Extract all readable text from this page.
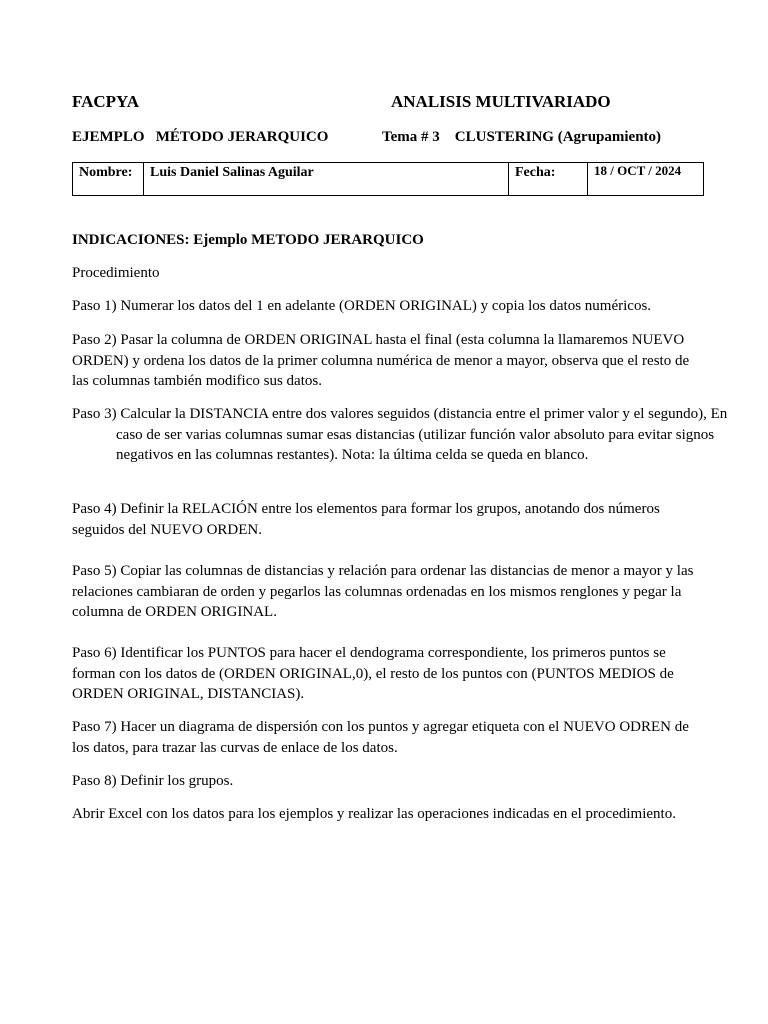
FACPYA	ANALISIS MULTIVARIADO
EJEMPLO   MÉTODO JERARQUICO	Tema # 3    CLUSTERING (Agrupamiento)
Nombre: Luis Daniel Salinas Aguilar	Fecha:	18 / OCT / 2024
INDICACIONES: Ejemplo METODO JERARQUICO
Procedimiento
Paso 1) Numerar los datos del 1 en adelante (ORDEN ORIGINAL) y copia los datos numéricos.
Paso 2) Pasar la columna de ORDEN ORIGINAL hasta el final (esta columna la llamaremos NUEVO ORDEN) y ordena los datos de la primer columna numérica de menor a mayor, observa que el resto de las columnas también modifico sus datos.
Paso 3) Calcular la DISTANCIA entre dos valores seguidos (distancia entre el primer valor y el segundo), En caso de ser varias columnas sumar esas distancias (utilizar función valor absoluto para evitar signos negativos en las columnas restantes). Nota: la última celda se queda en blanco.
Paso 4) Definir la RELACIÓN entre los elementos para formar los grupos, anotando dos números seguidos del NUEVO ORDEN.
Paso 5) Copiar las columnas de distancias y relación para ordenar las distancias de menor a mayor y las relaciones cambiaran de orden y pegarlos las columnas ordenadas en los mismos renglones y pegar la columna de ORDEN ORIGINAL.
Paso 6) Identificar los PUNTOS para hacer el dendograma correspondiente, los primeros puntos se forman con los datos de (ORDEN ORIGINAL,0), el resto de los puntos con (PUNTOS MEDIOS de ORDEN ORIGINAL, DISTANCIAS).
Paso 7) Hacer un diagrama de dispersión con los puntos y agregar etiqueta con el NUEVO ODREN de los datos, para trazar las curvas de enlace de los datos.
Paso 8) Definir los grupos.
Abrir Excel con los datos para los ejemplos y realizar las operaciones indicadas en el procedimiento.
